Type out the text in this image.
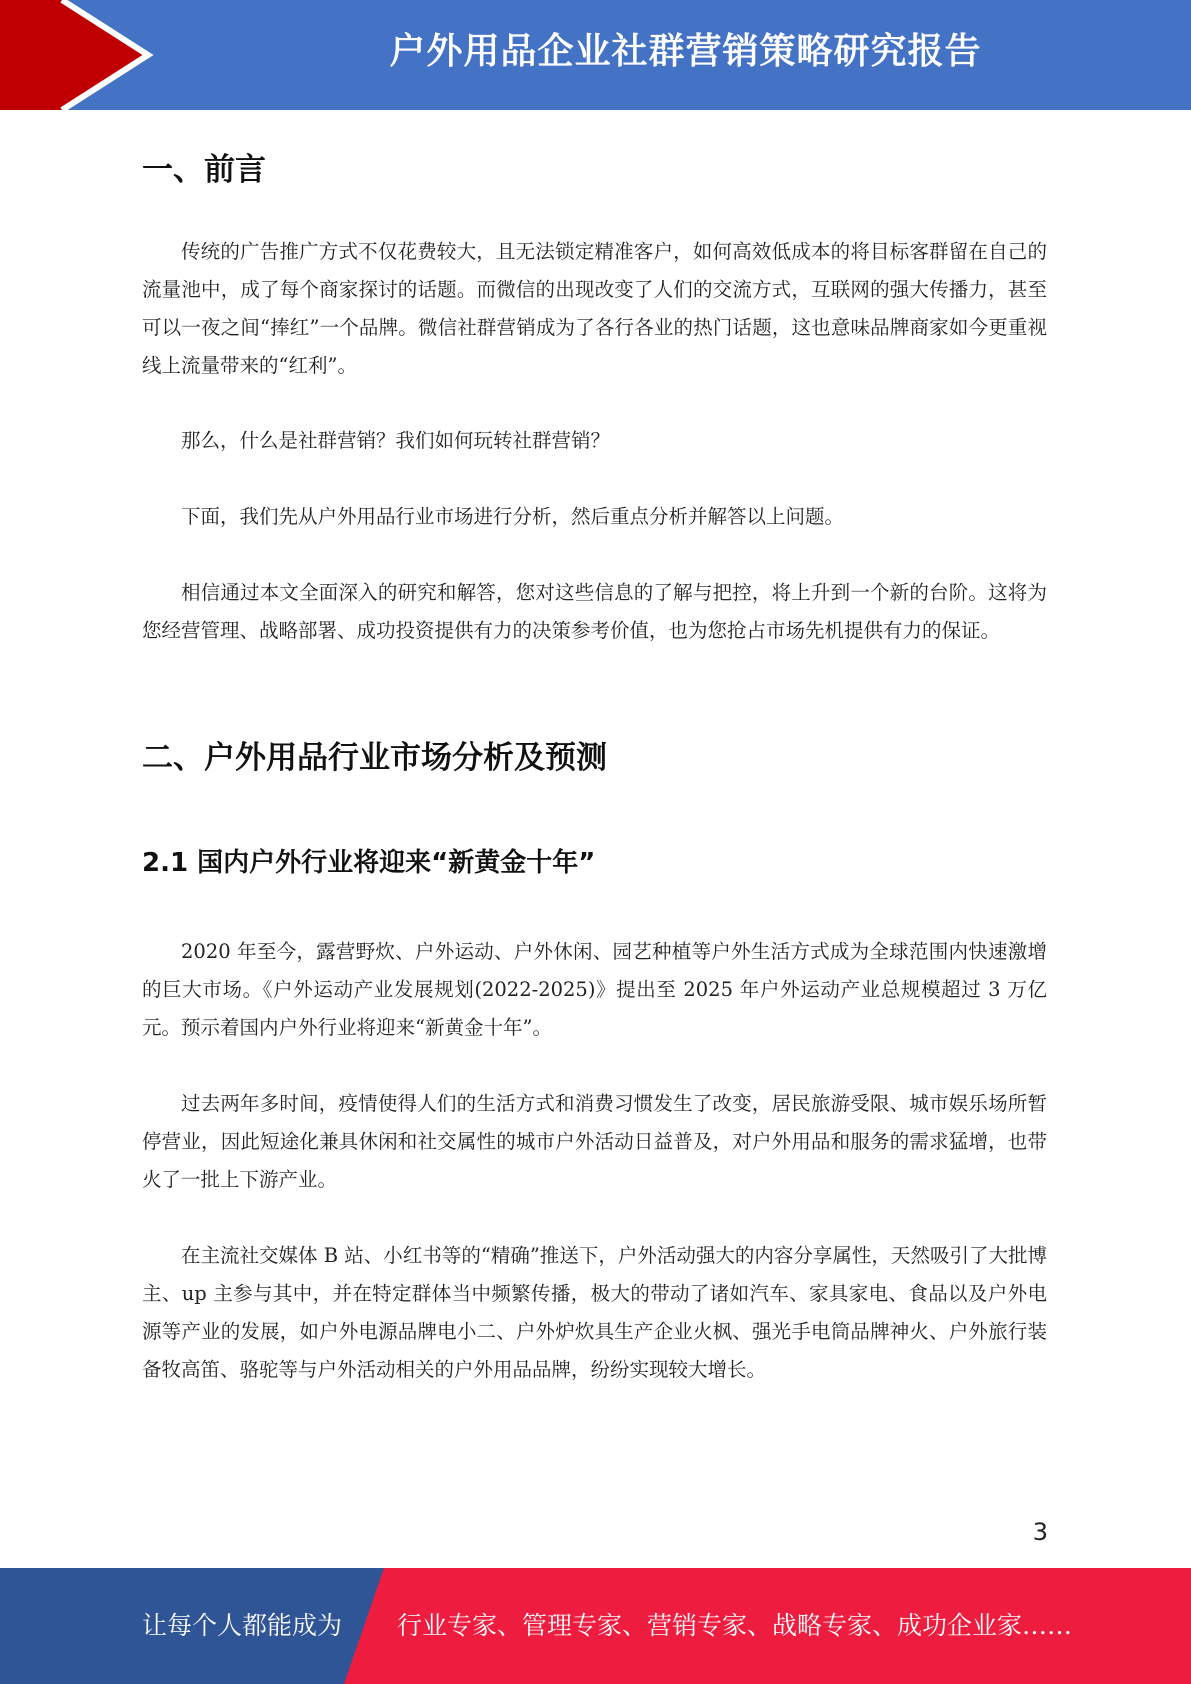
户外用品企业社群营销策略研究报告
一、前言

传统的广告推广方式不仅花费较大，且无法锁定精准客户，如何高效低成本的将目标客群留在自己的流量池中，成了每个商家探讨的话题。而微信的出现改变了人们的交流方式，互联网的强大传播力，甚至可以一夜之间“捧红”一个品牌。微信社群营销成为了各行各业的热门话题，这也意味品牌商家如今更重视线上流量带来的“红利”。

那么，什么是社群营销？我们如何玩转社群营销？

下面，我们先从户外用品行业市场进行分析，然后重点分析并解答以上问题。

相信通过本文全面深入的研究和解答，您对这些信息的了解与把控，将上升到一个新的台阶。这将为您经营管理、战略部署、成功投资提供有力的决策参考价值，也为您抢占市场先机提供有力的保证。

二、户外用品行业市场分析及预测
2.1 国内户外行业将迎来“新黄金十年”

2020 年至今，露营野炊、户外运动、户外休闲、园艺种植等户外生活方式成为全球范围内快速激增的巨大市场。《户外运动产业发展规划(2022-2025)》提出至 2025 年户外运动产业总规模超过 3 万亿元。预示着国内户外行业将迎来“新黄金十年”。

过去两年多时间，疫情使得人们的生活方式和消费习惯发生了改变，居民旅游受限、城市娱乐场所暂停营业，因此短途化兼具休闲和社交属性的城市户外活动日益普及，对户外用品和服务的需求猛增，也带火了一批上下游产业。

在主流社交媒体 B 站、小红书等的“精确”推送下，户外活动强大的内容分享属性，天然吸引了大批博主、up 主参与其中，并在特定群体当中频繁传播，极大的带动了诸如汽车、家具家电、食品以及户外电源等产业的发展，如户外电源品牌电小二、户外炉炊具生产企业火枫、强光手电筒品牌神火、户外旅行装备牧高笛、骆驼等与户外活动相关的户外用品品牌，纷纷实现较大增长。

3

让每个人都能成为 行业专家、管理专家、营销专家、战略专家、成功企业家……
